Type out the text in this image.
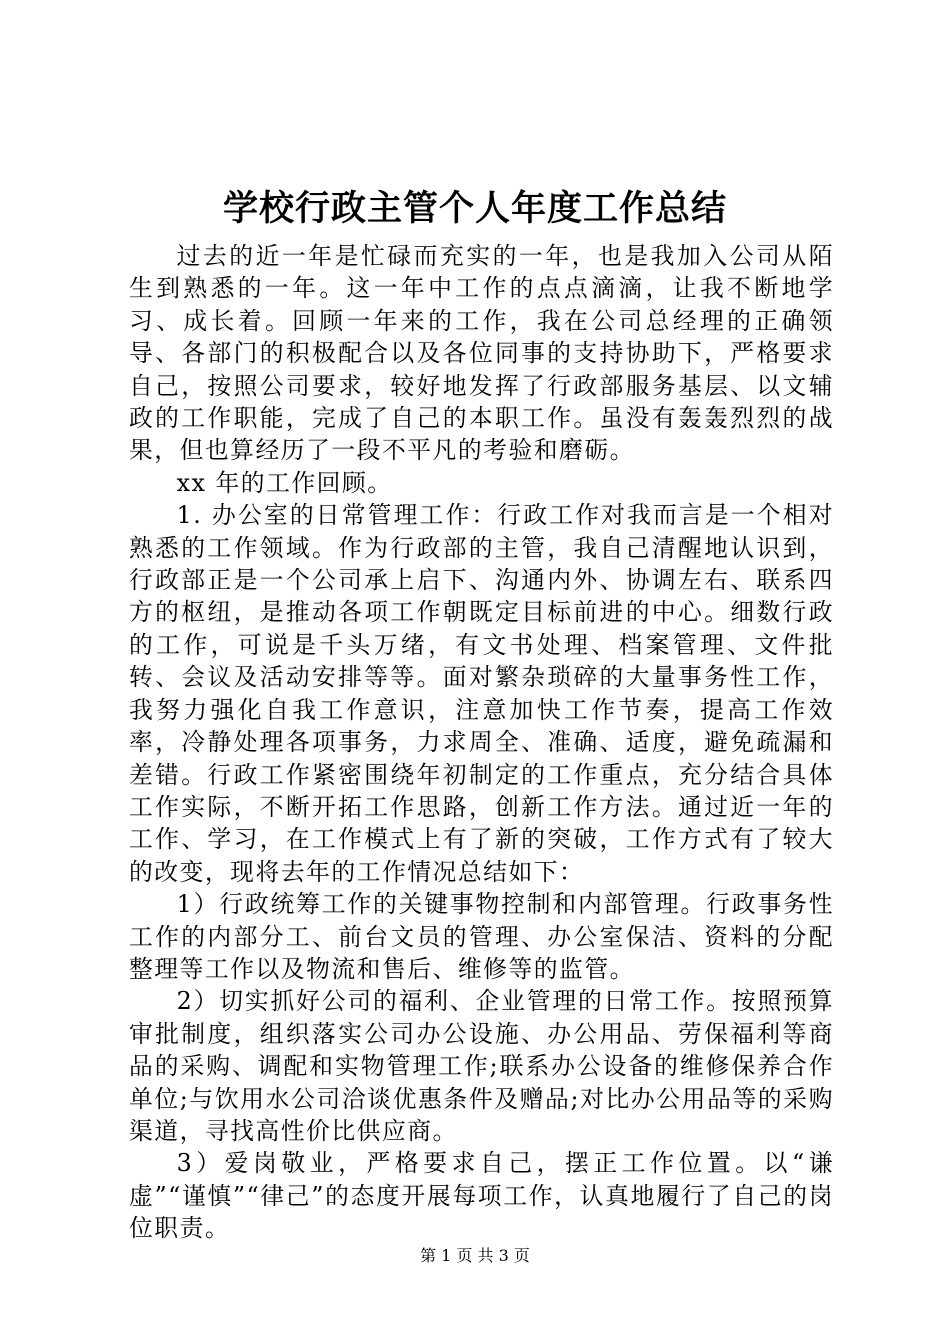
学校行政主管个人年度工作总结

过去的近一年是忙碌而充实的一年，也是我加入公司从陌生到熟悉的一年。这一年中工作的点点滴滴，让我不断地学习、成长着。回顾一年来的工作，我在公司总经理的正确领导、各部门的积极配合以及各位同事的支持协助下，严格要求自己，按照公司要求，较好地发挥了行政部服务基层、以文辅政的工作职能，完成了自己的本职工作。虽没有轰轰烈烈的战果，但也算经历了一段不平凡的考验和磨砺。

xx 年的工作回顾。

1. 办公室的日常管理工作：行政工作对我而言是一个相对熟悉的工作领域。作为行政部的主管，我自己清醒地认识到，行政部正是一个公司承上启下、沟通内外、协调左右、联系四方的枢纽，是推动各项工作朝既定目标前进的中心。细数行政的工作，可说是千头万绪，有文书处理、档案管理、文件批转、会议及活动安排等等。面对繁杂琐碎的大量事务性工作，我努力强化自我工作意识，注意加快工作节奏，提高工作效率，冷静处理各项事务，力求周全、准确、适度，避免疏漏和差错。行政工作紧密围绕年初制定的工作重点，充分结合具体工作实际，不断开拓工作思路，创新工作方法。通过近一年的工作、学习，在工作模式上有了新的突破，工作方式有了较大的改变，现将去年的工作情况总结如下：

1）行政统筹工作的关键事物控制和内部管理。行政事务性工作的内部分工、前台文员的管理、办公室保洁、资料的分配整理等工作以及物流和售后、维修等的监管。

2）切实抓好公司的福利、企业管理的日常工作。按照预算审批制度，组织落实公司办公设施、办公用品、劳保福利等商品的采购、调配和实物管理工作;联系办公设备的维修保养合作单位;与饮用水公司洽谈优惠条件及赠品;对比办公用品等的采购渠道，寻找高性价比供应商。

3）爱岗敬业，严格要求自己，摆正工作位置。以“谦虚”“谨慎”“律己”的态度开展每项工作，认真地履行了自己的岗位职责。

第 1 页 共 3 页
